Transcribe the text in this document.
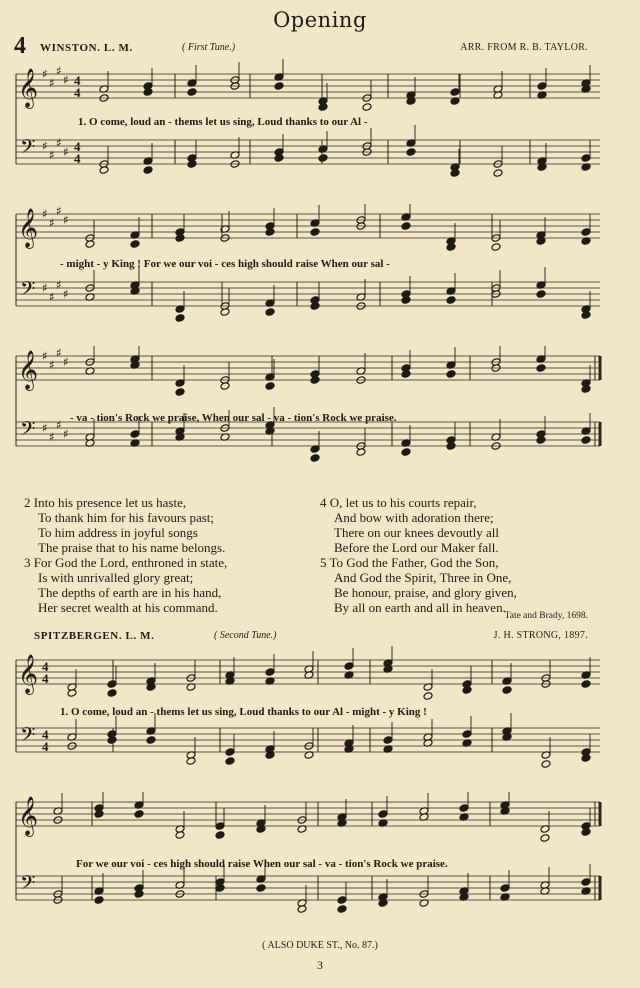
Opening
4 WINSTON. L. M.	( First Tune.)	ARR. FROM R. B. TAYLOR.
𝄞
𝄢
♯
♯
♯
♯
♯
♯
♯
♯
4
4
4
4
1. O come, loud an - thems let us sing, Loud thanks to our Al -
𝄞
𝄢
♯
♯
♯
♯
♯
♯
♯
♯
- might - y King ! For we our voi - ces high should raise When our sal -
𝄞
𝄢
♯
♯
♯
♯
♯
♯
♯
♯
- va - tion's Rock we praise, When our sal - va - tion's Rock we praise.
2 Into his presence let us haste,
To thank him for his favours past;
To him address in joyful songs
The praise that to his name belongs.
3 For God the Lord, enthroned in state,
Is with unrivalled glory great;
The depths of earth are in his hand,
Her secret wealth at his command.
4 O, let us to his courts repair,
And bow with adoration there;
There on our knees devoutly all
Before the Lord our Maker fall.
5 To God the Father, God the Son,
And God the Spirit, Three in One,
Be honour, praise, and glory given,
By all on earth and all in heaven.
Tate and Brady, 1698.
SPITZBERGEN. L. M.	( Second Tune.)	J. H. STRONG, 1897.
𝄞
𝄢
4
4
4
4
1. O come, loud an - thems let us sing, Loud thanks to our Al - might - y King !
𝄞
𝄢
For we our voi - ces high should raise When our sal - va - tion's Rock we praise.
( ALSO DUKE ST., No. 87.)
3
